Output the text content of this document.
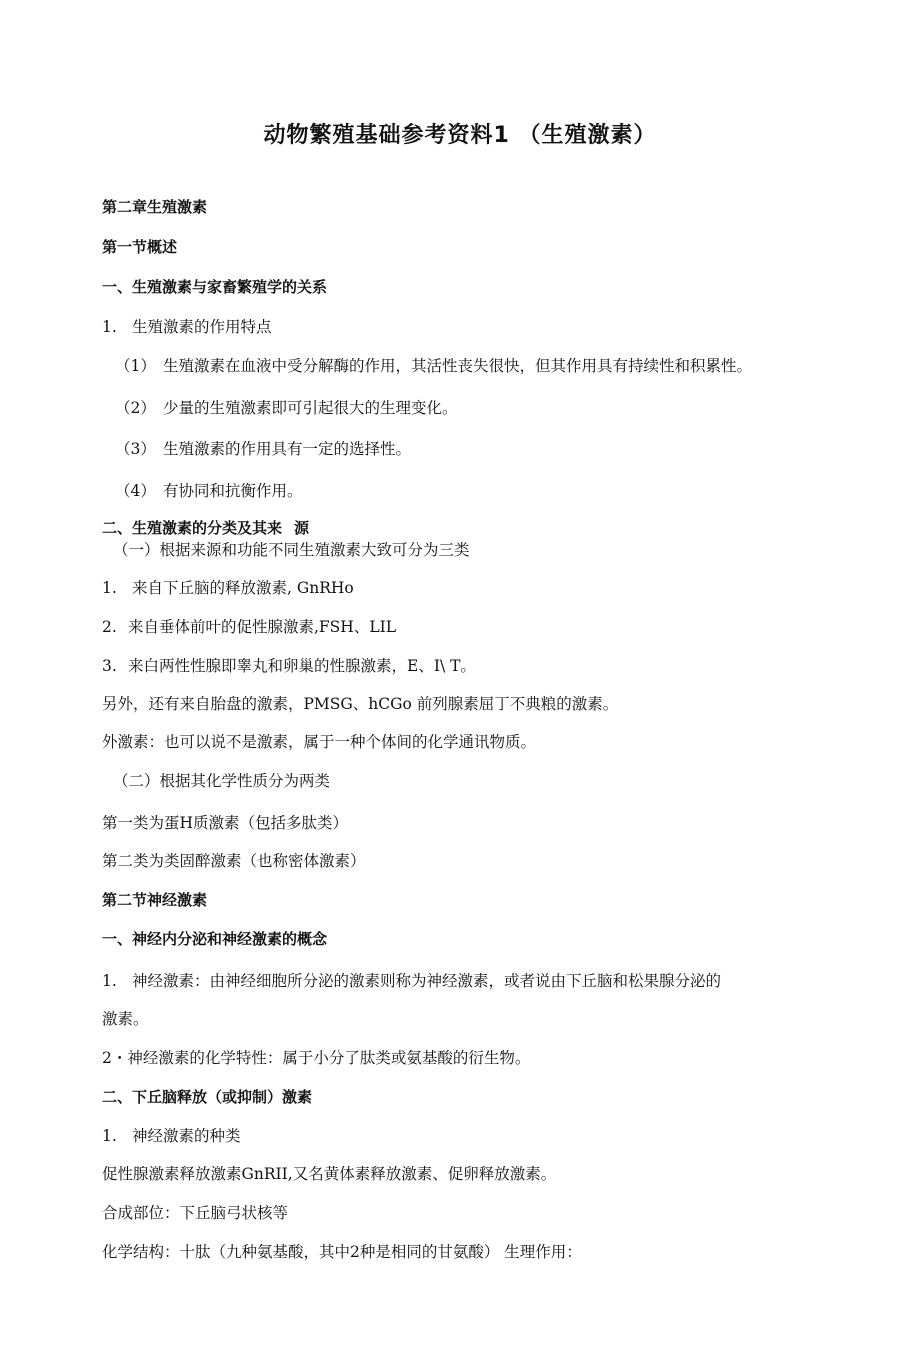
动物繁殖基础参考资料1 （生殖激素）
第二章生殖激素
第一节概述
一、生殖激素与家畜繁殖学的关系
1. 生殖激素的作用特点
（1） 生殖激素在血液中受分解酶的作用，其活性丧失很快，但其作用具有持续性和积累性。
（2） 少量的生殖激素即可引起很大的生理变化。
（3） 生殖激素的作用具有一定的选择性。
（4） 有协同和抗衡作用。
二、生殖激素的分类及其来 源
（一）根据来源和功能不同生殖激素大致可分为三类
1. 来自下丘脑的释放激素, GnRHo
2. 来自垂体前叶的促性腺激素,FSH、LIL
3. 来白两性性腺即睾丸和卵巢的性腺激素，E、I\ T。
另外，还有来自胎盘的激素，PMSG、hCGo 前列腺素屈丁不典粮的激素。
外激素：也可以说不是激素，属于一种个体间的化学通讯物质。
（二）根据其化学性质分为两类
第一类为蛋H质激素（包括多肽类）
第二类为类固醉激素（也称密体激素）
第二节神经激素
一、神经内分泌和神经激素的概念
1. 神经激素：由神经细胞所分泌的激素则称为神经激素，或者说由下丘脑和松果腺分泌的
激素。
2・神经激素的化学特性：属于小分了肽类或氨基酸的衍生物。
二、下丘脑释放（或抑制）激素
1. 神经激素的种类
促性腺激素释放激素GnRII,又名黄体素释放激素、促卵释放激素。
合成部位：下丘脑弓状核等
化学结构：十肽（九种氨基酸，其中2种是相同的甘氨酸） 生理作用：
